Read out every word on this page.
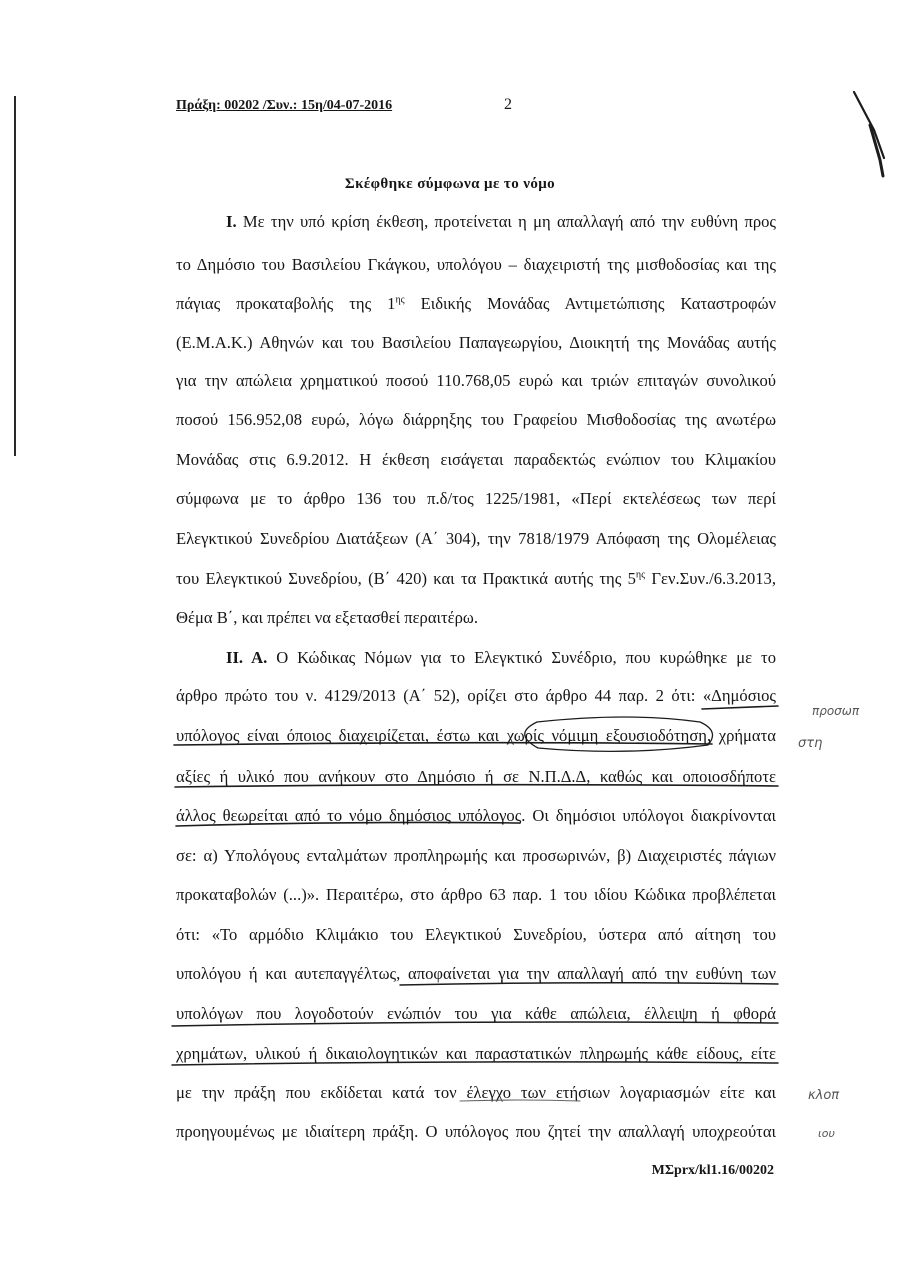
Πράξη: 00202 /Συν.: 15η/04-07-2016	2
Σκέφθηκε σύμφωνα με το νόμο
Ι. Με την υπό κρίση έκθεση, προτείνεται η μη απαλλαγή από την ευθύνη προς
το Δημόσιο του Βασιλείου Γκάγκου, υπολόγου – διαχειριστή της μισθοδοσίας και της
πάγιας προκαταβολής της $1^{\eta\varsigma}$ Ειδικής Μονάδας Αντιμετώπισης Καταστροφών
(Ε.Μ.Α.Κ.) Αθηνών και του Βασιλείου Παπαγεωργίου, Διοικητή της Μονάδας αυτής
για την απώλεια χρηματικού ποσού 110.768,05 ευρώ και τριών επιταγών συνολικού
ποσού 156.952,08 ευρώ, λόγω διάρρηξης του Γραφείου Μισθοδοσίας της ανωτέρω
Μονάδας στις 6.9.2012. Η έκθεση εισάγεται παραδεκτώς ενώπιον του Κλιμακίου
σύμφωνα με το άρθρο 136 του π.δ/τος 1225/1981, «Περί εκτελέσεως των περί
Ελεγκτικού Συνεδρίου Διατάξεων (Α΄ 304), την 7818/1979 Απόφαση της Ολομέλειας
του Ελεγκτικού Συνεδρίου, (Β΄ 420) και τα Πρακτικά αυτής της $5^{\eta\varsigma}$ Γεν.Συν./6.3.2013,
Θέμα Β΄, και πρέπει να εξετασθεί περαιτέρω.
ΙΙ. Α. Ο Κώδικας Νόμων για το Ελεγκτικό Συνέδριο, που κυρώθηκε με το
άρθρο πρώτο του ν. 4129/2013 (Α΄ 52), ορίζει στο άρθρο 44 παρ. 2 ότι: «Δημόσιος
υπόλογος είναι όποιος διαχειρίζεται, έστω και χωρίς νόμιμη εξουσιοδότηση, χρήματα
αξίες ή υλικό που ανήκουν στο Δημόσιο ή σε Ν.Π.Δ.Δ, καθώς και οποιοσδήποτε
άλλος θεωρείται από το νόμο δημόσιος υπόλογος. Οι δημόσιοι υπόλογοι διακρίνονται
σε: α) Υπολόγους ενταλμάτων προπληρωμής και προσωρινών, β) Διαχειριστές πάγιων
προκαταβολών (...)». Περαιτέρω, στο άρθρο 63 παρ. 1 του ιδίου Κώδικα προβλέπεται
ότι: «Το αρμόδιο Κλιμάκιο του Ελεγκτικού Συνεδρίου, ύστερα από αίτηση του
υπολόγου ή και αυτεπαγγέλτως, αποφαίνεται για την απαλλαγή από την ευθύνη των
υπολόγων που λογοδοτούν ενώπιόν του για κάθε απώλεια, έλλειψη ή φθορά
χρημάτων, υλικού ή δικαιολογητικών και παραστατικών πληρωμής κάθε είδους, είτε
με την πράξη που εκδίδεται κατά τον έλεγχο των ετήσιων λογαριασμών είτε και
προηγουμένως με ιδιαίτερη πράξη. Ο υπόλογος που ζητεί την απαλλαγή υποχρεούται
ΜΣprx/kl1.16/00202
προσωπ
στη
κλοπ
ιου
